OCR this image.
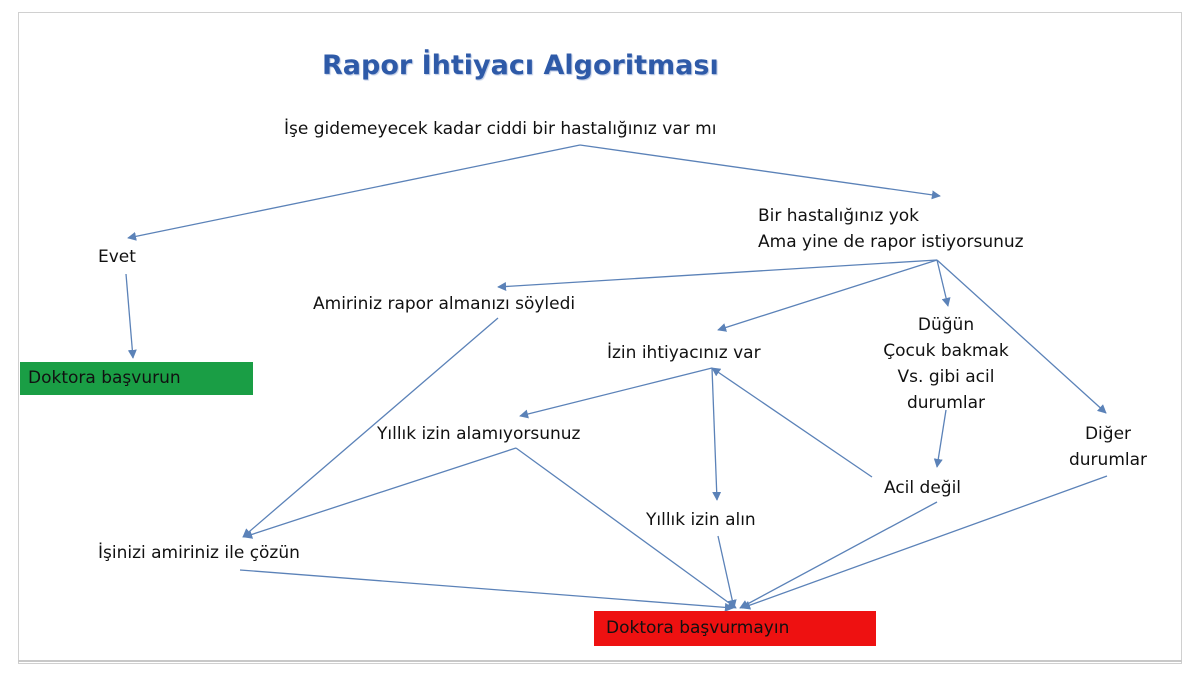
Rapor İhtiyacı Algoritması
İşe gidemeyecek kadar ciddi bir hastalığınız var mı
Evet
Bir hastalığınız yok
Ama yine de rapor istiyorsunuz
Amiriniz rapor almanızı söyledi
İzin ihtiyacınız var
Düğün
Çocuk bakmak
Vs. gibi acil
durumlar
Diğer
durumlar
Yıllık izin alamıyorsunuz
Acil değil
Yıllık izin alın
İşinizi amiriniz ile çözün
Doktora başvurun
Doktora başvurmayın
